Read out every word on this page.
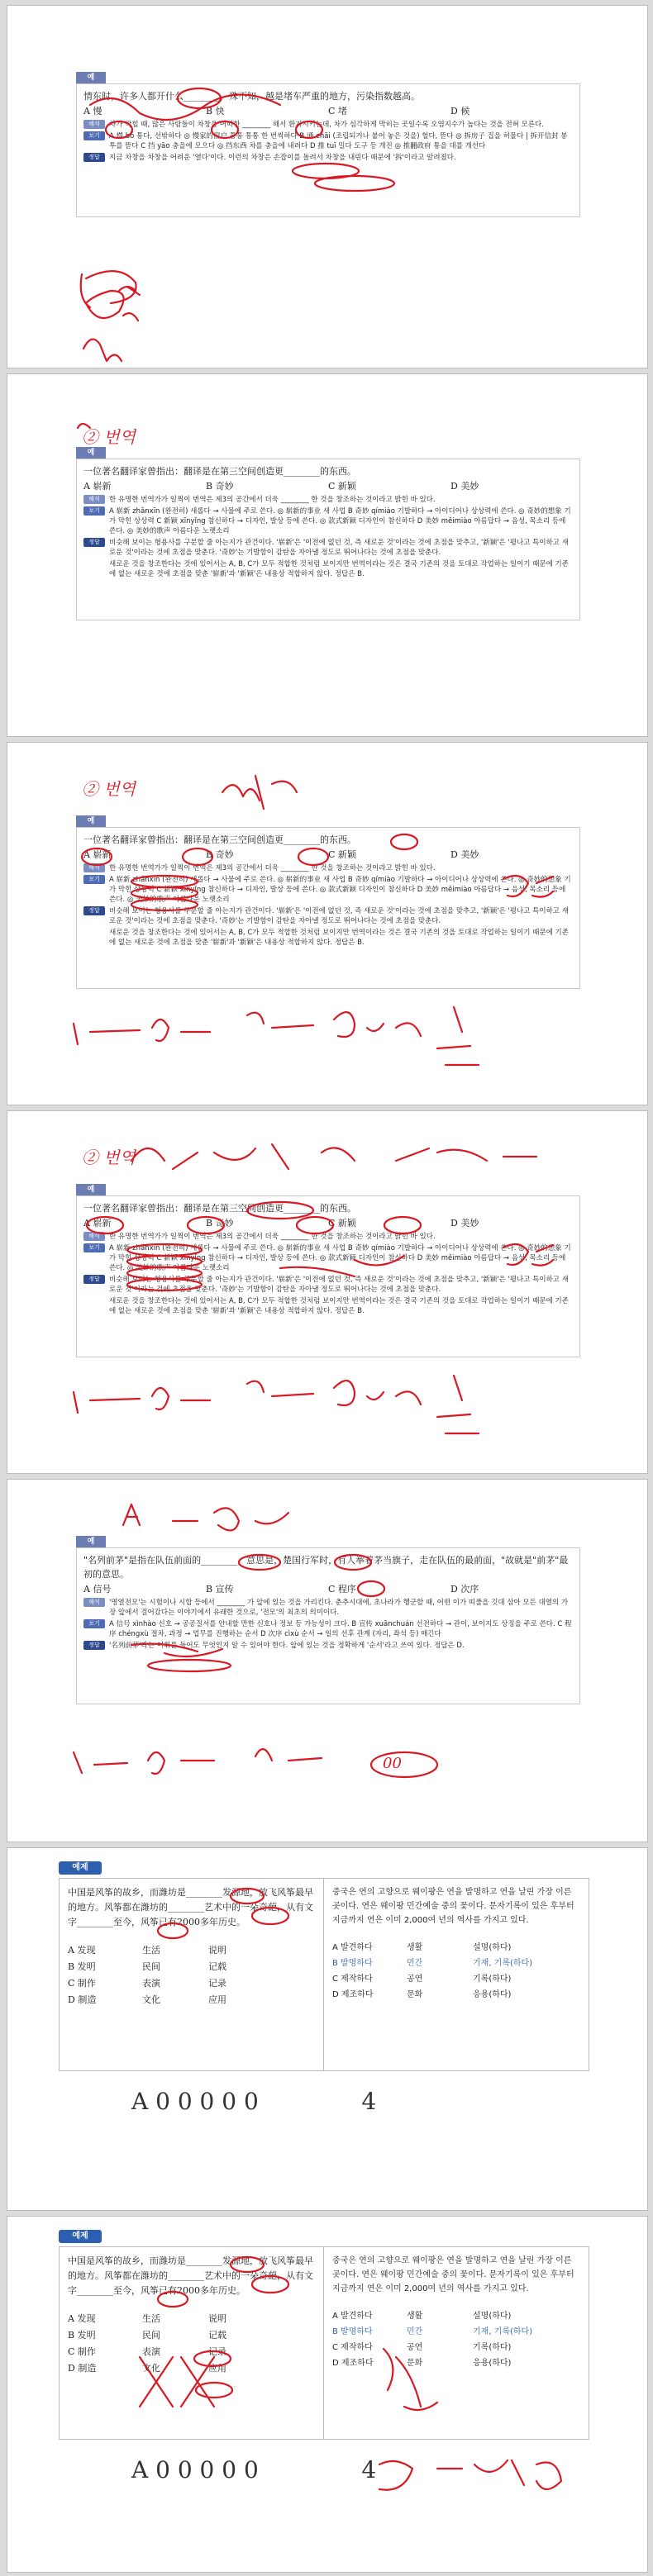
예

情东时，许多人都开什么________，殊不知，越是堵车严重的地方，污染指数越高。

A 慢	B 快	C 堵	D 候
해석	차가 막힐 때, 많은 사람들이 차창을 어떠한 ________ 해서 환기시키는데, 차가 심각하게 막히는 곳일수록 오염지수가 높다는 것을 전혀 모른다.
보기	A 慢 bó 통다, 선밖하다 ◎ 慢家的窗户 통통 통통 한 번씩하다 B 通 chāi (조립되거나 붙어 놓은 것을) 헐다, 뜯다 ◎ 拆房子 집을 허물다 | 拆开信封 봉투를 뜯다 C 挡 yāo 충을에 모으다 ◎ 挡东西 차를 충을에 내려다 D 推 tuī 밀다 도구 등 개진 ◎ 推翻政府 통을 대를 개선다
정답	지금 차창을 차창을 어려운 '열다'이다. 이런의 차창은 손잡이를 돌려서 차창을 내린다 때문에 '拆'이라고 알려졌다.
② 번역
예

一位著名翻译家曾指出：翻译是在第三空间创造更________的东西。

A 崭新	B 奇妙	C 新颖	D 美妙
해석	한 유명한 번역가가 일찍이 번역은 제3의 공간에서 더욱 ________ 한 것을 창조하는 것이라고 밝힌 바 있다.
보기	A 崭新 zhǎnxīn (완전히) 새롭다 → 사물에 주로 쓴다. ◎ 崭新的事业 새 사업 B 奇妙 qímiào 기발하다 → 아이디어나 상상력에 쓴다. ◎ 奇妙的想象 기가 막힌 상상력 C 新颖 xīnyǐng 참신하다 → 디자인, 발상 등에 쓴다. ◎ 款式新颖 디자인이 참신하다 D 美妙 měimiào 아름답다 → 음성, 목소리 등에 쓴다. ◎ 美妙的歌声 아름다운 노랫소리
정답	비슷해 보이는 형용사를 구분할 줄 아는지가 관건이다. '崭新'은 '이전에 없던 것, 즉 새로운 것'이라는 것에 초점을 맞추고, '新颖'은 '평나고 특이하고 새로운 것'이라는 것에 초점을 맞춘다. '奇妙'는 기발함이 감탄을 자아낼 정도로 뛰어나다는 것에 초점을 맞춘다.
새로운 것을 창조한다는 것에 있어서는 A, B, C가 모두 적합한 것처럼 보이지만 번역이라는 것은 결국 기존의 것을 토대로 작업하는 일이기 때문에 기존에 없는 새로운 것에 초점을 맞춘 '崭新'과 '新颖'은 내용상 적합하지 않다. 정답은 B.
② 번역
예

一位著名翻译家曾指出：翻译是在第三空间创造更________的东西。

A 崭新	B 奇妙	C 新颖	D 美妙
해석	한 유명한 번역가가 일찍이 번역은 제3의 공간에서 더욱 ________ 한 것을 창조하는 것이라고 밝힌 바 있다.
보기	A 崭新 zhǎnxīn (완전히) 새롭다 → 사물에 주로 쓴다. ◎ 崭新的事业 새 사업 B 奇妙 qímiào 기발하다 → 아이디어나 상상력에 쓴다. ◎ 奇妙的想象 기가 막힌 상상력 C 新颖 xīnyǐng 참신하다 → 디자인, 발상 등에 쓴다. ◎ 款式新颖 디자인이 참신하다 D 美妙 měimiào 아름답다 → 음성, 목소리 등에 쓴다. ◎ 美妙的歌声 아름다운 노랫소리
정답	비슷해 보이는 형용사를 구분할 줄 아는지가 관건이다. '崭新'은 '이전에 없던 것, 즉 새로운 것'이라는 것에 초점을 맞추고, '新颖'은 '평나고 특이하고 새로운 것'이라는 것에 초점을 맞춘다. '奇妙'는 기발함이 감탄을 자아낼 정도로 뛰어나다는 것에 초점을 맞춘다.
새로운 것을 창조한다는 것에 있어서는 A, B, C가 모두 적합한 것처럼 보이지만 번역이라는 것은 결국 기존의 것을 토대로 작업하는 일이기 때문에 기존에 없는 새로운 것에 초점을 맞춘 '崭新'과 '新颖'은 내용상 적합하지 않다. 정답은 B.
② 번역
예

一位著名翻译家曾指出：翻译是在第三空间创造更________的东西。

A 崭新	B 奇妙	C 新颖	D 美妙
해석	한 유명한 번역가가 일찍이 번역은 제3의 공간에서 더욱 ________ 한 것을 창조하는 것이라고 밝힌 바 있다.
보기	A 崭新 zhǎnxīn (완전히) 새롭다 → 사물에 주로 쓴다. ◎ 崭新的事业 새 사업 B 奇妙 qímiào 기발하다 → 아이디어나 상상력에 쓴다. ◎ 奇妙的想象 기가 막힌 상상력 C 新颖 xīnyǐng 참신하다 → 디자인, 발상 등에 쓴다. ◎ 款式新颖 디자인이 참신하다 D 美妙 měimiào 아름답다 → 음성, 목소리 등에 쓴다. ◎ 美妙的歌声 아름다운 노랫소리
정답	비슷해 보이는 형용사를 구분할 줄 아는지가 관건이다. '崭新'은 '이전에 없던 것, 즉 새로운 것'이라는 것에 초점을 맞추고, '新颖'은 '평나고 특이하고 새로운 것'이라는 것에 초점을 맞춘다. '奇妙'는 기발함이 감탄을 자아낼 정도로 뛰어나다는 것에 초점을 맞춘다.
새로운 것을 창조한다는 것에 있어서는 A, B, C가 모두 적합한 것처럼 보이지만 번역이라는 것은 결국 기존의 것을 토대로 작업하는 일이기 때문에 기존에 없는 새로운 것에 초점을 맞춘 '崭新'과 '新颖'은 내용상 적합하지 않다. 정답은 B.
예

"名列前茅"是指在队伍前面的________，意思是，楚国行军时，有人举着茅当旗子，走在队伍的最前面，"故就是"前茅"最初的意思。

A 信号	B 宣传	C 程序	D 次序
해석	'명열전모'는 시험이나 시합 등에서 ________ 가 앞에 있는 것을 가리킨다. 춘추시대에, 초나라가 행군할 때, 어떤 이가 띠풀을 깃대 삼아 모든 대열의 가장 앞에서 걸어갔다는 이야기에서 유래한 것으로, '전모'의 최초의 의미이다.
보기	A 信号 xìnhào 신호 → 공공질서를 안내할 만한 신호나 정보 등 가능성이 크다. B 宣传 xuānchuán 선전하다 → 관이, 보이지도 상징을 주로 쓴다. C 程序 chéngxù 절차, 과정 → 업무를 진행하는 순서 D 次序 cìxù 순서 → 일의 선후 관계 (자리, 좌석 등) 매긴다
정답	'名列前茅'라는 어휘를 들어도 무엇인지 알 수 있어야 한다. 앞에 있는 것을 정확하게 '순서'라고 쓰여 있다. 정답은 D.
00
예제
中国是风筝的故乡，而潍坊是________发源地，放飞风筝最早的地方。风筝都在潍坊的________艺术中的一朵奇葩，从有文字________至今，风筝已有2000多年历史。
A 发现	生活	说明
B 发明	民间	记载
C 制作	表演	记录
D 制造	文化	应用
중국은 연의 고향으로 웨이팡은 연을 발명하고 연을 날린 가장 이른 곳이다. 연은 웨이팡 민간예술 중의 꽃이다. 문자기록이 있은 후부터 지금까지 연은 이미 2,000여 년의 역사를 가지고 있다.
A 발견하다	생활	설명(하다)
B 발명하다	민간	기재, 기록(하다)
C 제작하다	공연	기록(하다)
D 제조하다	문화	응용(하다)
A 0 0 0 0 0              4
예제
中国是风筝的故乡，而潍坊是________发源地，放飞风筝最早的地方。风筝都在潍坊的________艺术中的一朵奇葩，从有文字________至今，风筝已有2000多年历史。
A 发现	生活	说明
B 发明	民间	记载
C 制作	表演	记录
D 制造	文化	应用
중국은 연의 고향으로 웨이팡은 연을 발명하고 연을 날린 가장 이른 곳이다. 연은 웨이팡 민간예술 중의 꽃이다. 문자기록이 있은 후부터 지금까지 연은 이미 2,000여 년의 역사를 가지고 있다.
A 발견하다	생활	설명(하다)
B 발명하다	민간	기재, 기록(하다)
C 제작하다	공연	기록(하다)
D 제조하다	문화	응용(하다)
A 0 0 0 0 0              4
